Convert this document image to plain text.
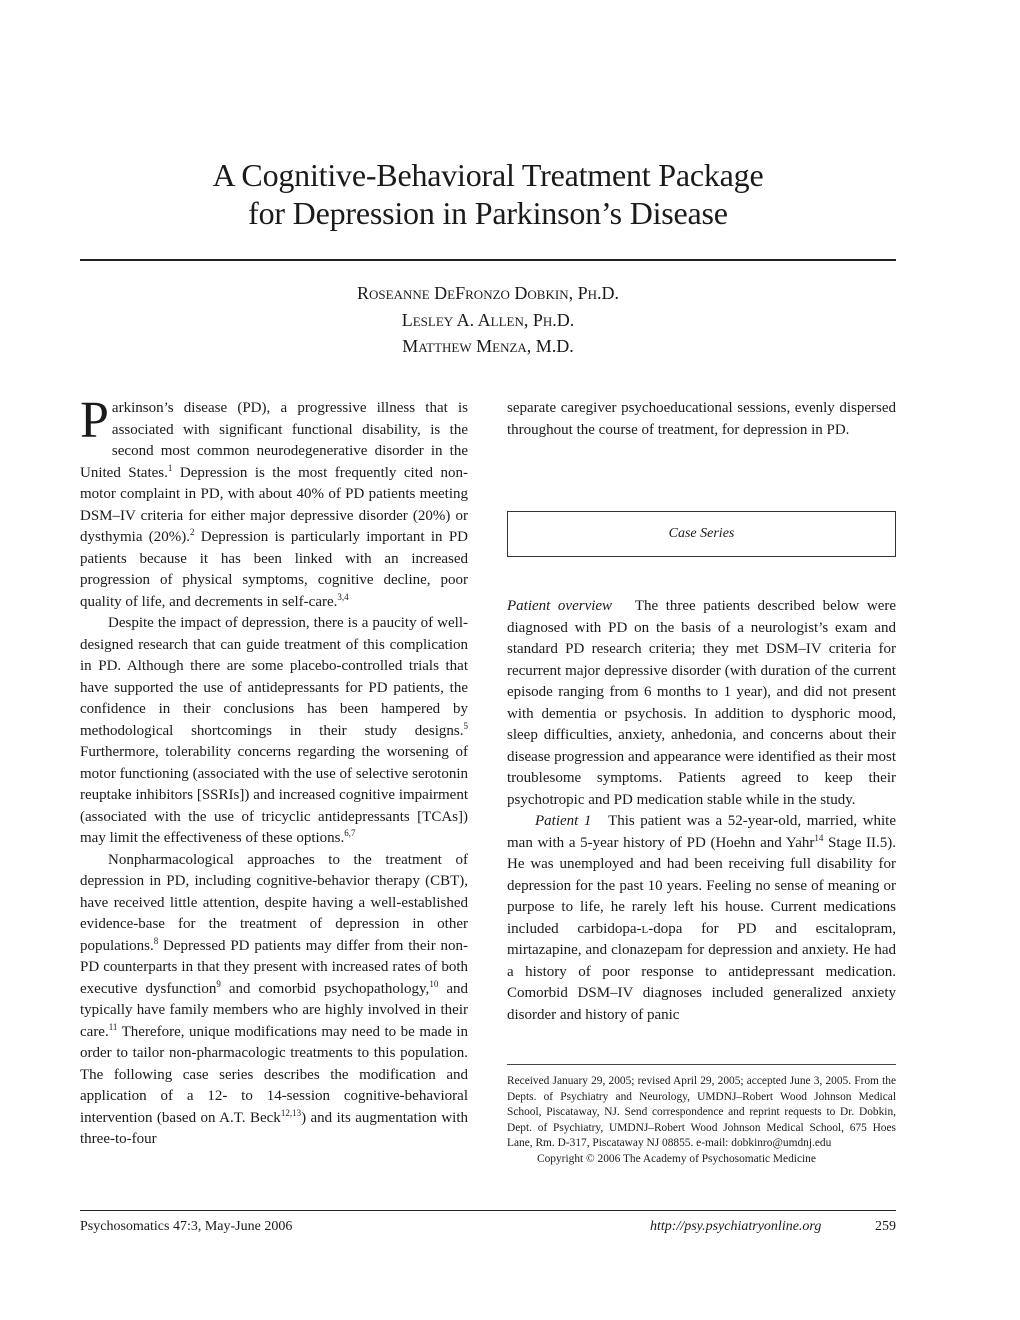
A Cognitive-Behavioral Treatment Package
for Depression in Parkinson’s Disease
Roseanne DeFronzo Dobkin, Ph.D.
Lesley A. Allen, Ph.D.
Matthew Menza, M.D.

Parkinson’s disease (PD), a progressive illness that is associated with significant functional disability, is the second most common neurodegenerative disorder in the United States.$^1$ Depression is the most frequently cited non-motor complaint in PD, with about 40% of PD patients meeting DSM–IV criteria for either major depressive disorder (20%) or dysthymia (20%).$^2$ Depression is particularly important in PD patients because it has been linked with an increased progression of physical symptoms, cognitive decline, poor quality of life, and decrements in self-care.$^{3,4}$

Despite the impact of depression, there is a paucity of well-designed research that can guide treatment of this complication in PD. Although there are some placebo-controlled trials that have supported the use of antidepressants for PD patients, the confidence in their conclusions has been hampered by methodological shortcomings in their study designs.$^5$ Furthermore, tolerability concerns regarding the worsening of motor functioning (associated with the use of selective serotonin reuptake inhibitors [SSRIs]) and increased cognitive impairment (associated with the use of tricyclic antidepressants [TCAs]) may limit the effectiveness of these options.$^{6,7}$

Nonpharmacological approaches to the treatment of depression in PD, including cognitive-behavior therapy (CBT), have received little attention, despite having a well-established evidence-base for the treatment of depression in other populations.$^8$ Depressed PD patients may differ from their non-PD counterparts in that they present with increased rates of both executive dysfunction$^9$ and comorbid psychopathology,$^{10}$ and typically have family members who are highly involved in their care.$^{11}$ Therefore, unique modifications may need to be made in order to tailor non-pharmacologic treatments to this population. The following case series describes the modification and application of a 12- to 14-session cognitive-behavioral intervention (based on A.T. Beck$^{12,13}$) and its augmentation with three-to-four

separate caregiver psychoeducational sessions, evenly dispersed throughout the course of treatment, for depression in PD.

Case Series

Patient overview The three patients described below were diagnosed with PD on the basis of a neurologist’s exam and standard PD research criteria; they met DSM–IV criteria for recurrent major depressive disorder (with duration of the current episode ranging from 6 months to 1 year), and did not present with dementia or psychosis. In addition to dysphoric mood, sleep difficulties, anxiety, anhedonia, and concerns about their disease progression and appearance were identified as their most troublesome symptoms. Patients agreed to keep their psychotropic and PD medication stable while in the study.

Patient 1 This patient was a 52-year-old, married, white man with a 5-year history of PD (Hoehn and Yahr$^{14}$ Stage II.5). He was unemployed and had been receiving full disability for depression for the past 10 years. Feeling no sense of meaning or purpose to life, he rarely left his house. Current medications included carbidopa-l-dopa for PD and escitalopram, mirtazapine, and clonazepam for depression and anxiety. He had a history of poor response to antidepressant medication. Comorbid DSM–IV diagnoses included generalized anxiety disorder and history of panic

Received January 29, 2005; revised April 29, 2005; accepted June 3, 2005. From the Depts. of Psychiatry and Neurology, UMDNJ–Robert Wood Johnson Medical School, Piscataway, NJ. Send correspondence and reprint requests to Dr. Dobkin, Dept. of Psychiatry, UMDNJ–Robert Wood Johnson Medical School, 675 Hoes Lane, Rm. D-317, Piscataway NJ 08855. e-mail: dobkinro@umdnj.edu

Copyright © 2006 The Academy of Psychosomatic Medicine

Psychosomatics 47:3, May-June 2006	http://psy.psychiatryonline.org	259
